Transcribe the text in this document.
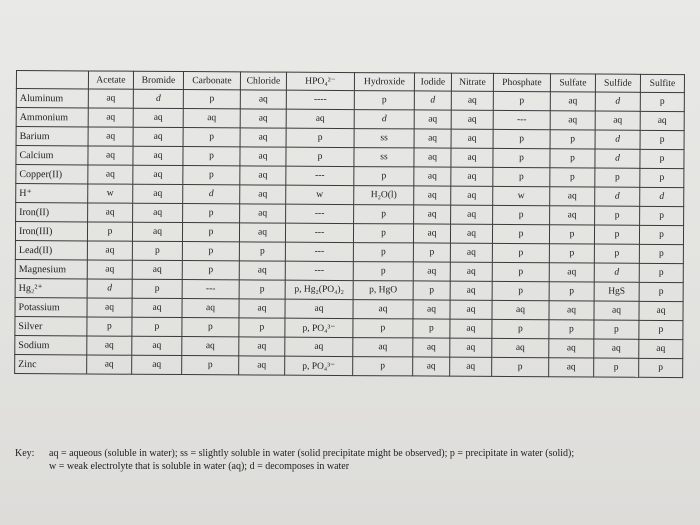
	Acetate	Bromide	Carbonate	Chloride	HPO₄²⁻	Hydroxide	Iodide	Nitrate	Phosphate	Sulfate	Sulfide	Sulfite
Aluminum	aq	d	p	aq	----	p	d	aq	p	aq	d	p
Ammonium	aq	aq	aq	aq	aq	d	aq	aq	---	aq	aq	aq
Barium	aq	aq	p	aq	p	ss	aq	aq	p	p	d	p
Calcium	aq	aq	p	aq	p	ss	aq	aq	p	p	d	p
Copper(II)	aq	aq	p	aq	---	p	aq	aq	p	p	p	p
H⁺	w	aq	d	aq	w	H₂O(l)	aq	aq	w	aq	d	d
Iron(II)	aq	aq	p	aq	---	p	aq	aq	p	aq	p	p
Iron(III)	p	aq	p	aq	---	p	aq	aq	p	p	p	p
Lead(II)	aq	p	p	p	---	p	p	aq	p	p	p	p
Magnesium	aq	aq	p	aq	---	p	aq	aq	p	aq	d	p
Hg₂²⁺	d	p	---	p	p, Hg₂(PO₄)₂	p, HgO	p	aq	p	p	HgS	p
Potassium	aq	aq	aq	aq	aq	aq	aq	aq	aq	aq	aq	aq
Silver	p	p	p	p	p, PO₄³⁻	p	p	aq	p	p	p	p
Sodium	aq	aq	aq	aq	aq	aq	aq	aq	aq	aq	aq	aq
Zinc	aq	aq	p	aq	p, PO₄³⁻	p	aq	aq	p	aq	p	p
Key: aq = aqueous (soluble in water); ss = slightly soluble in water (solid precipitate might be observed); p = precipitate in water (solid);
w = weak electrolyte that is soluble in water (aq); d = decomposes in water
